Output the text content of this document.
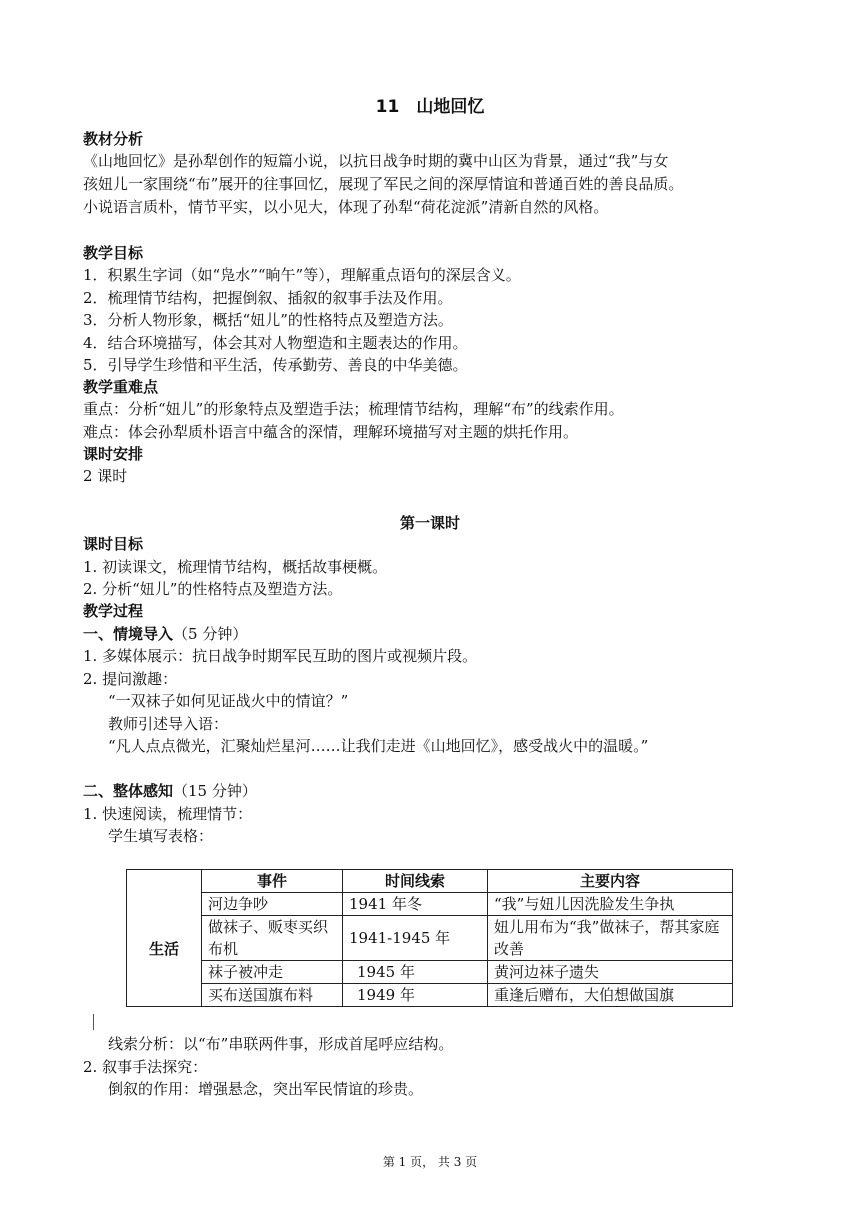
11　山地回忆
教材分析
《山地回忆》是孙犁创作的短篇小说，以抗日战争时期的冀中山区为背景，通过“我”与女
孩妞儿一家围绕“布”展开的往事回忆，展现了军民之间的深厚情谊和普通百姓的善良品质。
小说语言质朴，情节平实，以小见大，体现了孙犁“荷花淀派”清新自然的风格。
教学目标
1．积累生字词（如“凫水”“晌午”等），理解重点语句的深层含义。
2．梳理情节结构，把握倒叙、插叙的叙事手法及作用。
3．分析人物形象，概括“妞儿”的性格特点及塑造方法。
4．结合环境描写，体会其对人物塑造和主题表达的作用。
5．引导学生珍惜和平生活，传承勤劳、善良的中华美德。
教学重难点
重点：分析“妞儿”的形象特点及塑造手法；梳理情节结构，理解“布”的线索作用。
难点：体会孙犁质朴语言中蕴含的深情，理解环境描写对主题的烘托作用。
课时安排
2 课时
第一课时
课时目标
1. 初读课文，梳理情节结构，概括故事梗概。
2. 分析“妞儿”的性格特点及塑造方法。
教学过程
一、情境导入（5 分钟）
1. 多媒体展示：抗日战争时期军民互助的图片或视频片段。
2. 提问激趣：
“一双袜子如何见证战火中的情谊？”
教师引述导入语：
“凡人点点微光，汇聚灿烂星河……让我们走进《山地回忆》，感受战火中的温暖。”
二、整体感知（15 分钟）
1. 快速阅读，梳理情节：
学生填写表格：
	事件	时间线索	主要内容
生活	河边争吵	1941 年冬	“我”与妞儿因洗脸发生争执
	做袜子、贩枣买织布机	1941-1945 年	妞儿用布为“我”做袜子，帮其家庭改善
	袜子被冲走	1945 年	黄河边袜子遗失
	买布送国旗布料	1949 年	重逢后赠布，大伯想做国旗
线索分析：以“布”串联两件事，形成首尾呼应结构。
2. 叙事手法探究：
倒叙的作用：增强悬念，突出军民情谊的珍贵。
第 1 页， 共 3 页
